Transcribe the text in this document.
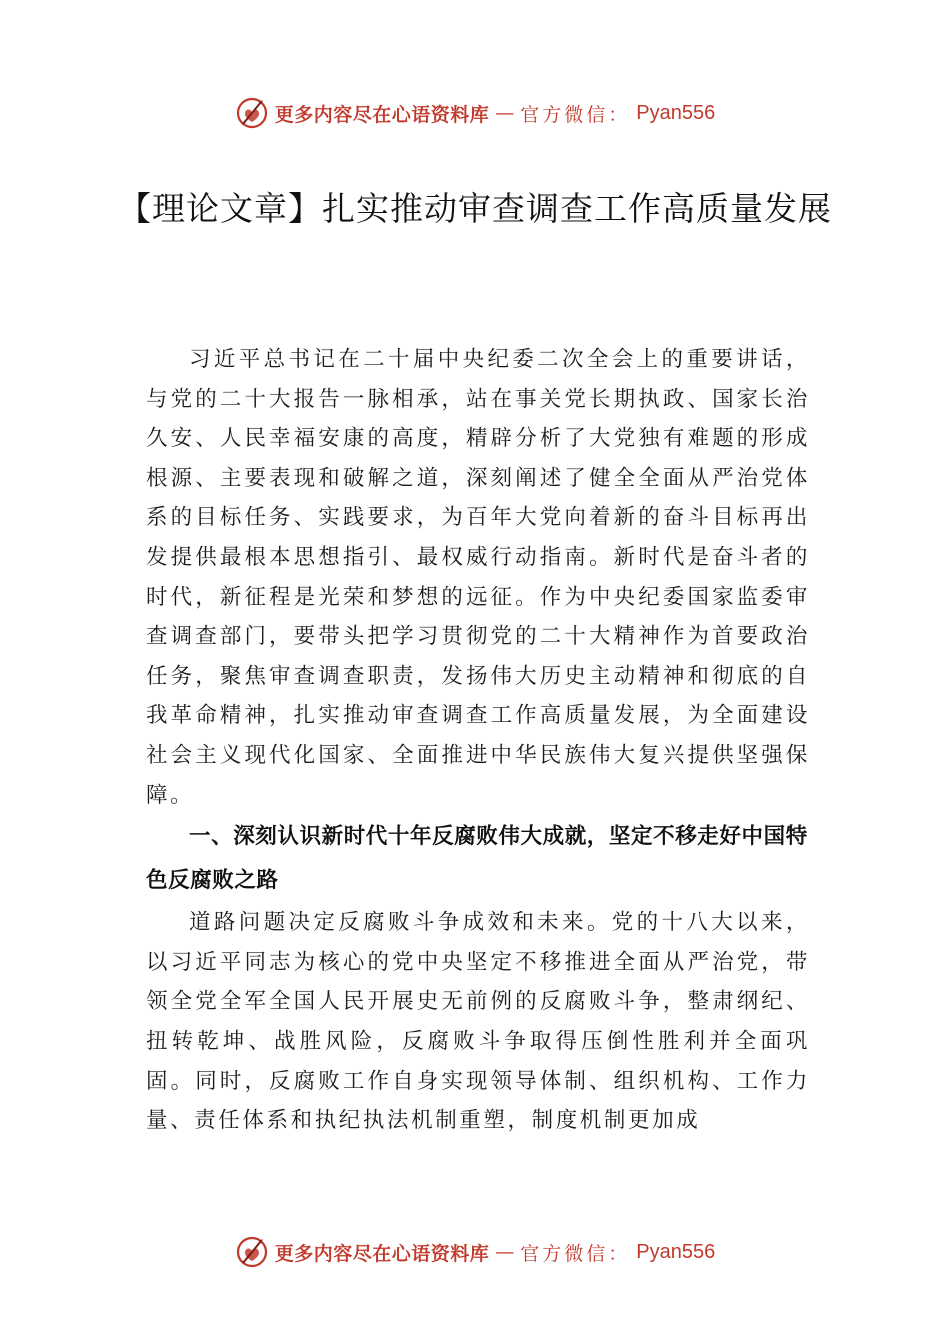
更多内容尽在心语资料库 — 官方微信： Pyan556
【理论文章】扎实推动审查调查工作高质量发展

习近平总书记在二十届中央纪委二次全会上的重要讲话，与党的二十大报告一脉相承，站在事关党长期执政、国家长治久安、人民幸福安康的高度，精辟分析了大党独有难题的形成根源、主要表现和破解之道，深刻阐述了健全全面从严治党体系的目标任务、实践要求，为百年大党向着新的奋斗目标再出发提供最根本思想指引、最权威行动指南。新时代是奋斗者的时代，新征程是光荣和梦想的远征。作为中央纪委国家监委审查调查部门，要带头把学习贯彻党的二十大精神作为首要政治任务，聚焦审查调查职责，发扬伟大历史主动精神和彻底的自我革命精神，扎实推动审查调查工作高质量发展，为全面建设社会主义现代化国家、全面推进中华民族伟大复兴提供坚强保障。

一、深刻认识新时代十年反腐败伟大成就，坚定不移走好中国特色反腐败之路

道路问题决定反腐败斗争成效和未来。党的十八大以来，以习近平同志为核心的党中央坚定不移推进全面从严治党，带领全党全军全国人民开展史无前例的反腐败斗争，整肃纲纪、扭转乾坤、战胜风险，反腐败斗争取得压倒性胜利并全面巩固。同时，反腐败工作自身实现领导体制、组织机构、工作力量、责任体系和执纪执法机制重塑，制度机制更加成

更多内容尽在心语资料库 — 官方微信： Pyan556
